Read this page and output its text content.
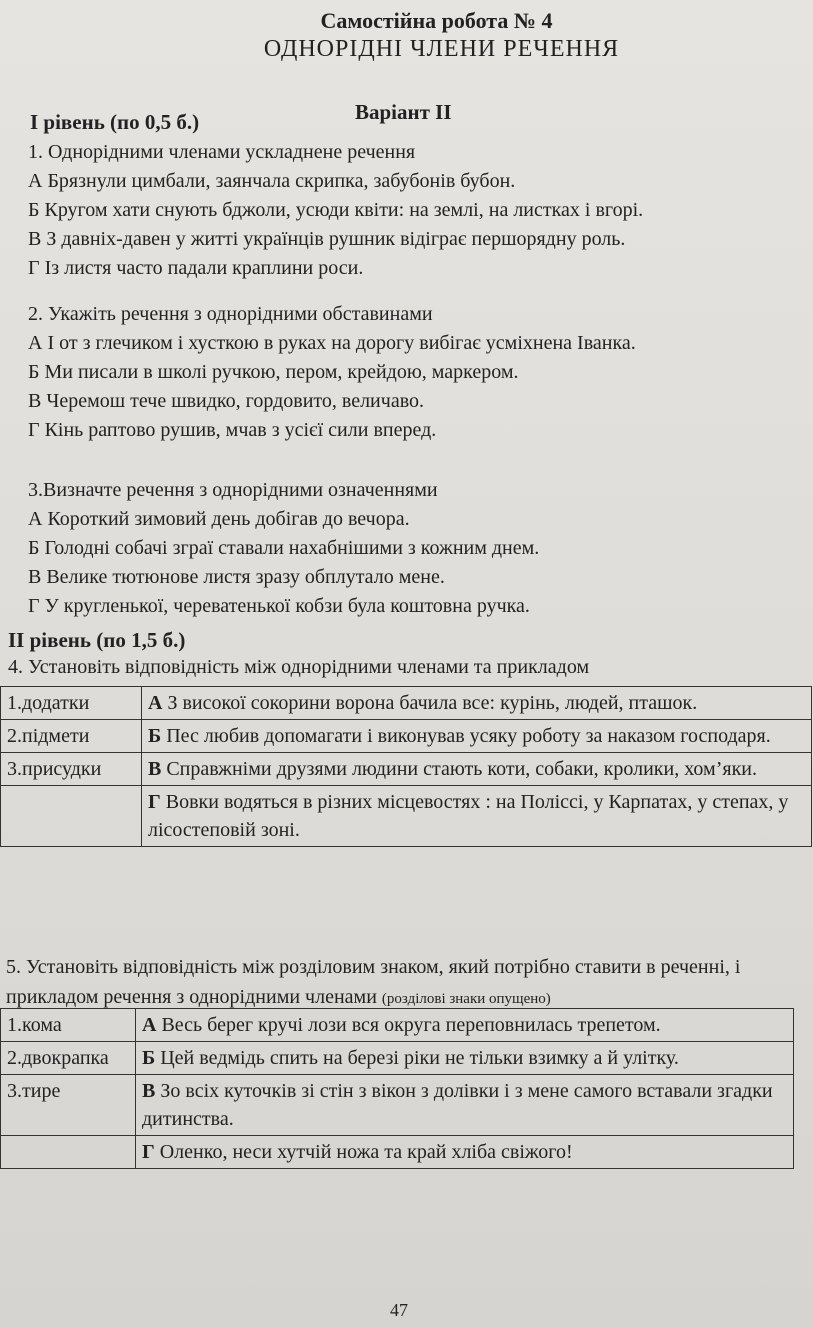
Самостійна робота № 4
ОДНОРІДНІ ЧЛЕНИ РЕЧЕННЯ
Варіант II
І рівень (по 0,5 б.)

1. Однорідними членами ускладнене речення

А Брязнули цимбали, заянчала скрипка, забубонів бубон.

Б Кругом хати снують бджоли, усюди квіти: на землі, на листках і вгорі.

В З давніх-давен у житті українців рушник відіграє першорядну роль.

Г Із листя часто падали краплини роси.

2. Укажіть речення з однорідними обставинами

А І от з глечиком і хусткою в руках на дорогу вибігає усміхнена Іванка.

Б Ми писали в школі ручкою, пером, крейдою, маркером.

В Черемош тече швидко, гордовито, величаво.

Г Кінь раптово рушив, мчав з усієї сили вперед.

3.Визначте речення з однорідними означеннями

А Короткий зимовий день добігав до вечора.

Б Голодні собачі зграї ставали нахабнішими з кожним днем.

В Велике тютюнове листя зразу обплутало мене.

Г У кругленької, череватенької кобзи була коштовна ручка.

ІІ рівень (по 1,5 б.)
4. Установіть відповідність між однорідними членами та прикладом
1.додатки	А З високої сокорини ворона бачила все: курінь, людей, пташок.
2.підмети	Б Пес любив допомагати і виконував усяку роботу за наказом господаря.
3.присудки	В Справжніми друзями людини стають коти, собаки, кролики, хом’яки.
	Г Вовки водяться в різних місцевостях : на Поліссі, у Карпатах, у степах, у лісостеповій зоні.
5. Установіть відповідність між розділовим знаком, який потрібно ставити в реченні, і прикладом речення з однорідними членами (розділові знаки опущено)
1.кома	А Весь берег кручі лози вся округа переповнилась трепетом.
2.двокрапка	Б Цей ведмідь спить на березі ріки не тільки взимку а й улітку.
3.тире	В Зо всіх куточків зі стін з вікон з долівки і з мене самого вставали згадки дитинства.
	Г Оленко, неси хутчій ножа та край хліба свіжого!
47
